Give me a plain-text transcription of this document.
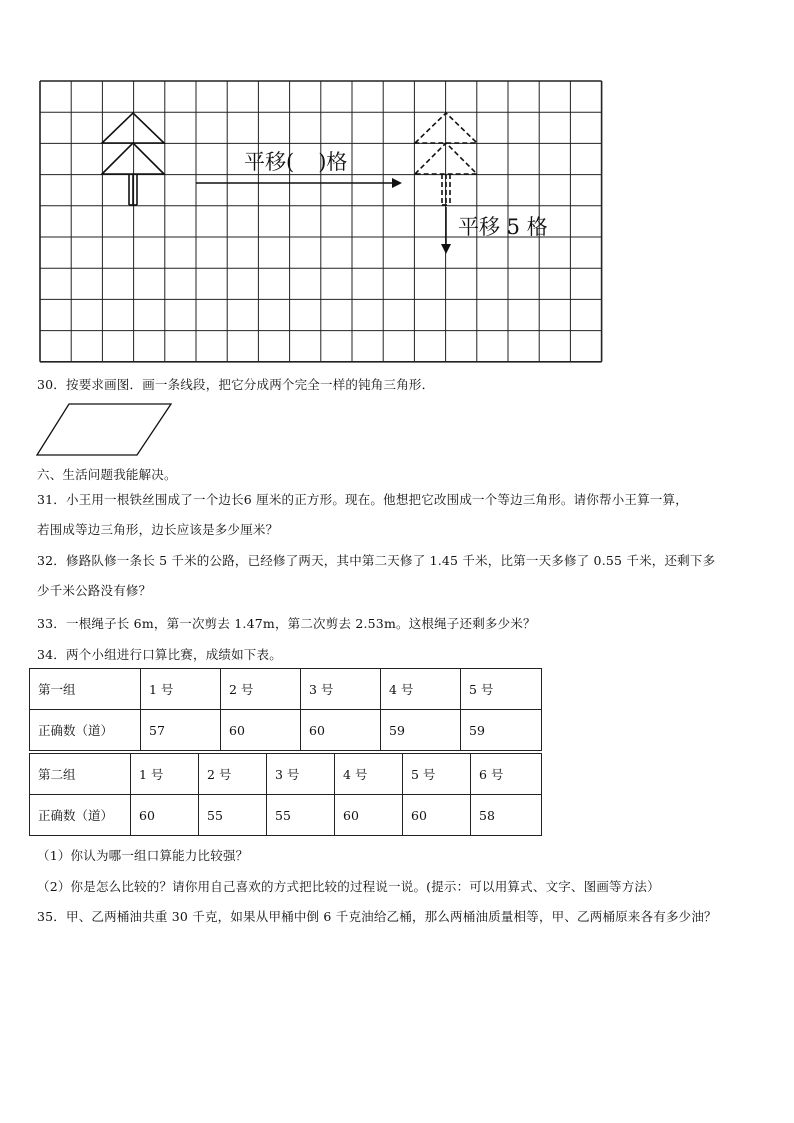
平移( )格
平移 5 格
30．按要求画图．画一条线段，把它分成两个完全一样的钝角三角形．
六、生活问题我能解决。
31．小王用一根铁丝围成了一个边长6 厘米的正方形。现在。他想把它改围成一个等边三角形。请你帮小王算一算，
若围成等边三角形，边长应该是多少厘米？
32．修路队修一条长 5 千米的公路，已经修了两天，其中第二天修了 1.45 千米，比第一天多修了 0.55 千米，还剩下多
少千米公路没有修？
33．一根绳子长 6m，第一次剪去 1.47m，第二次剪去 2.53m。这根绳子还剩多少米？
34．两个小组进行口算比赛，成绩如下表。
第一组	1 号	2 号	3 号	4 号	5 号
正确数（道）	57	60	60	59	59
第二组	1 号	2 号	3 号	4 号	5 号	6 号
正确数（道）	60	55	55	60	60	58
（1）你认为哪一组口算能力比较强？
（2）你是怎么比较的？请你用自己喜欢的方式把比较的过程说一说。(提示：可以用算式、文字、图画等方法）
35．甲、乙两桶油共重 30 千克，如果从甲桶中倒 6 千克油给乙桶，那么两桶油质量相等，甲、乙两桶原来各有多少油？
